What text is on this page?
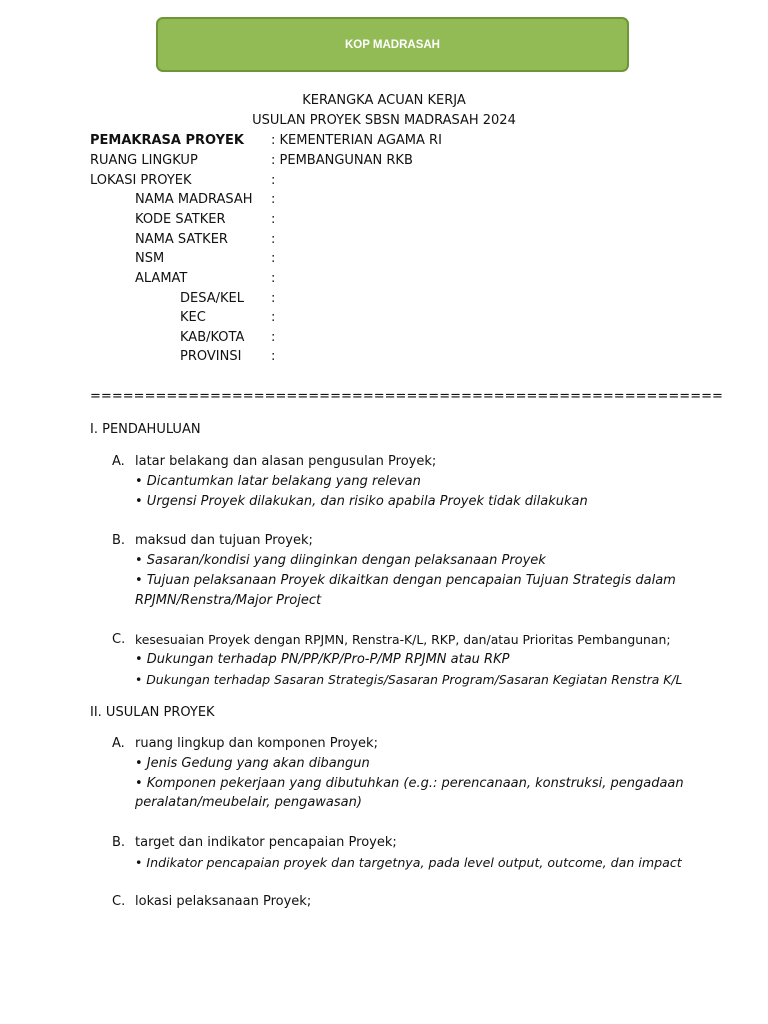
KOP MADRASAH
KERANGKA ACUAN KERJA
USULAN PROYEK SBSN MADRASAH 2024
PEMAKRASA PROYEK : KEMENTERIAN AGAMA RI
RUANG LINGKUP	: PEMBANGUNAN RKB
LOKASI PROYEK	:
NAMA MADRASAH :
KODE SATKER	:
NAMA SATKER	:
NSM	:
ALAMAT	:
DESA/KEL :
KEC	:
KAB/KOTA :
PROVINSI :
==========================================================
I. PENDAHULUAN
A. latar belakang dan alasan pengusulan Proyek;
• Dicantumkan latar belakang yang relevan
• Urgensi Proyek dilakukan, dan risiko apabila Proyek tidak dilakukan
B. maksud dan tujuan Proyek;
• Sasaran/kondisi yang diinginkan dengan pelaksanaan Proyek
• Tujuan pelaksanaan Proyek dikaitkan dengan pencapaian Tujuan Strategis dalam
RPJMN/Renstra/Major Project
C. kesesuaian Proyek dengan RPJMN, Renstra-K/L, RKP, dan/atau Prioritas Pembangunan;
• Dukungan terhadap PN/PP/KP/Pro-P/MP RPJMN atau RKP
• Dukungan terhadap Sasaran Strategis/Sasaran Program/Sasaran Kegiatan Renstra K/L
II. USULAN PROYEK
A. ruang lingkup dan komponen Proyek;
• Jenis Gedung yang akan dibangun
• Komponen pekerjaan yang dibutuhkan (e.g.: perencanaan, konstruksi, pengadaan
peralatan/meubelair, pengawasan)
B. target dan indikator pencapaian Proyek;
• Indikator pencapaian proyek dan targetnya, pada level output, outcome, dan impact
C. lokasi pelaksanaan Proyek;
